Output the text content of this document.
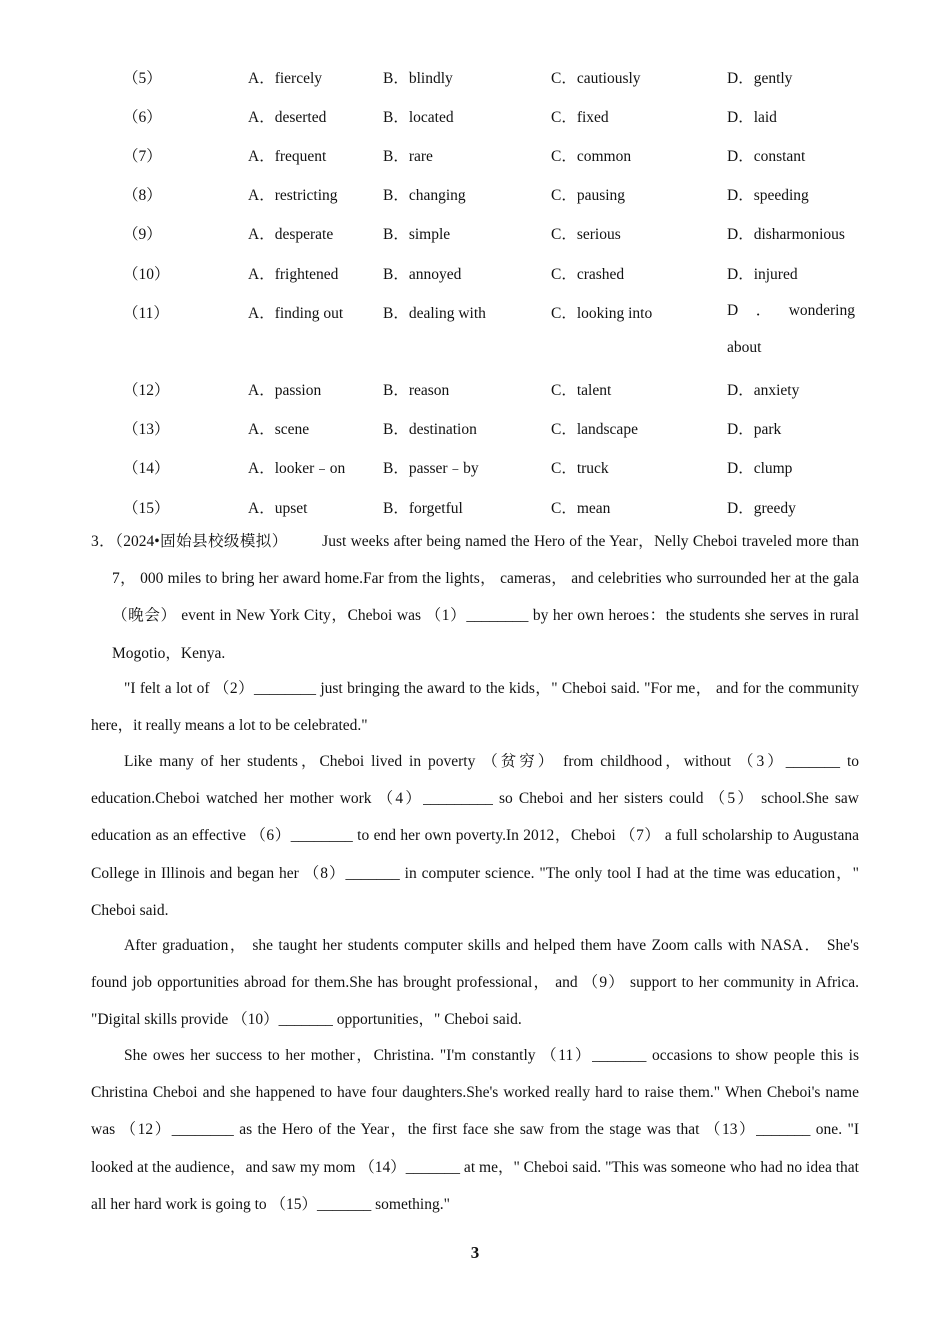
（5）	A．fiercely	B．blindly	C．cautiously	D．gently
（6）	A．deserted	B．located	C．fixed	D．laid
（7）	A．frequent	B．rare	C．common	D．constant
（8）	A．restricting	B．changing	C．pausing	D．speeding
（9）	A．desperate	B．simple	C．serious	D．disharmonious
（10）	A．frightened	B．annoyed	C．crashed	D．injured
（11）	A．finding out	B．dealing with	C．looking into	D ． wondering
about
（12）	A．passion	B．reason	C．talent	D．anxiety
（13）	A．scene	B．destination	C．landscape	D．park
（14）	A．looker﹣on B．passer﹣by	C．truck	D．clump
（15）	A．upset	B．forgetful	C．mean	D．greedy

3．（2024•固始县校级模拟） Just weeks after being named the Hero of the Year，Nelly Cheboi traveled more than 7， 000 miles to bring her award home.Far from the lights， cameras， and celebrities who surrounded her at the gala （晚会） event in New York City，Cheboi was （1）________ by her own heroes：the students she serves in rural Mogotio，Kenya.

"I felt a lot of （2）________ just bringing the award to the kids，" Cheboi said. "For me， and for the community here，it really means a lot to be celebrated."

Like many of her students，Cheboi lived in poverty （贫穷） from childhood，without （3）_______ to education.Cheboi watched her mother work （4）_________ so Cheboi and her sisters could （5） school.She saw education as an effective （6）________ to end her own poverty.In 2012，Cheboi （7） a full scholarship to Augustana College in Illinois and began her （8）_______ in computer science. "The only tool I had at the time was education，" Cheboi said.

After graduation， she taught her students computer skills and helped them have Zoom calls with NASA． She's found job opportunities abroad for them.She has brought professional， and （9） support to her community in Africa. "Digital skills provide （10）_______ opportunities，" Cheboi said.

She owes her success to her mother，Christina. "I'm constantly （11）_______ occasions to show people this is Christina Cheboi and she happened to have four daughters.She's worked really hard to raise them." When Cheboi's name was （12）________ as the Hero of the Year，the first face she saw from the stage was that （13）_______ one. "I looked at the audience，and saw my mom （14）_______ at me，" Cheboi said. "This was someone who had no idea that all her hard work is going to （15）_______ something."

3
